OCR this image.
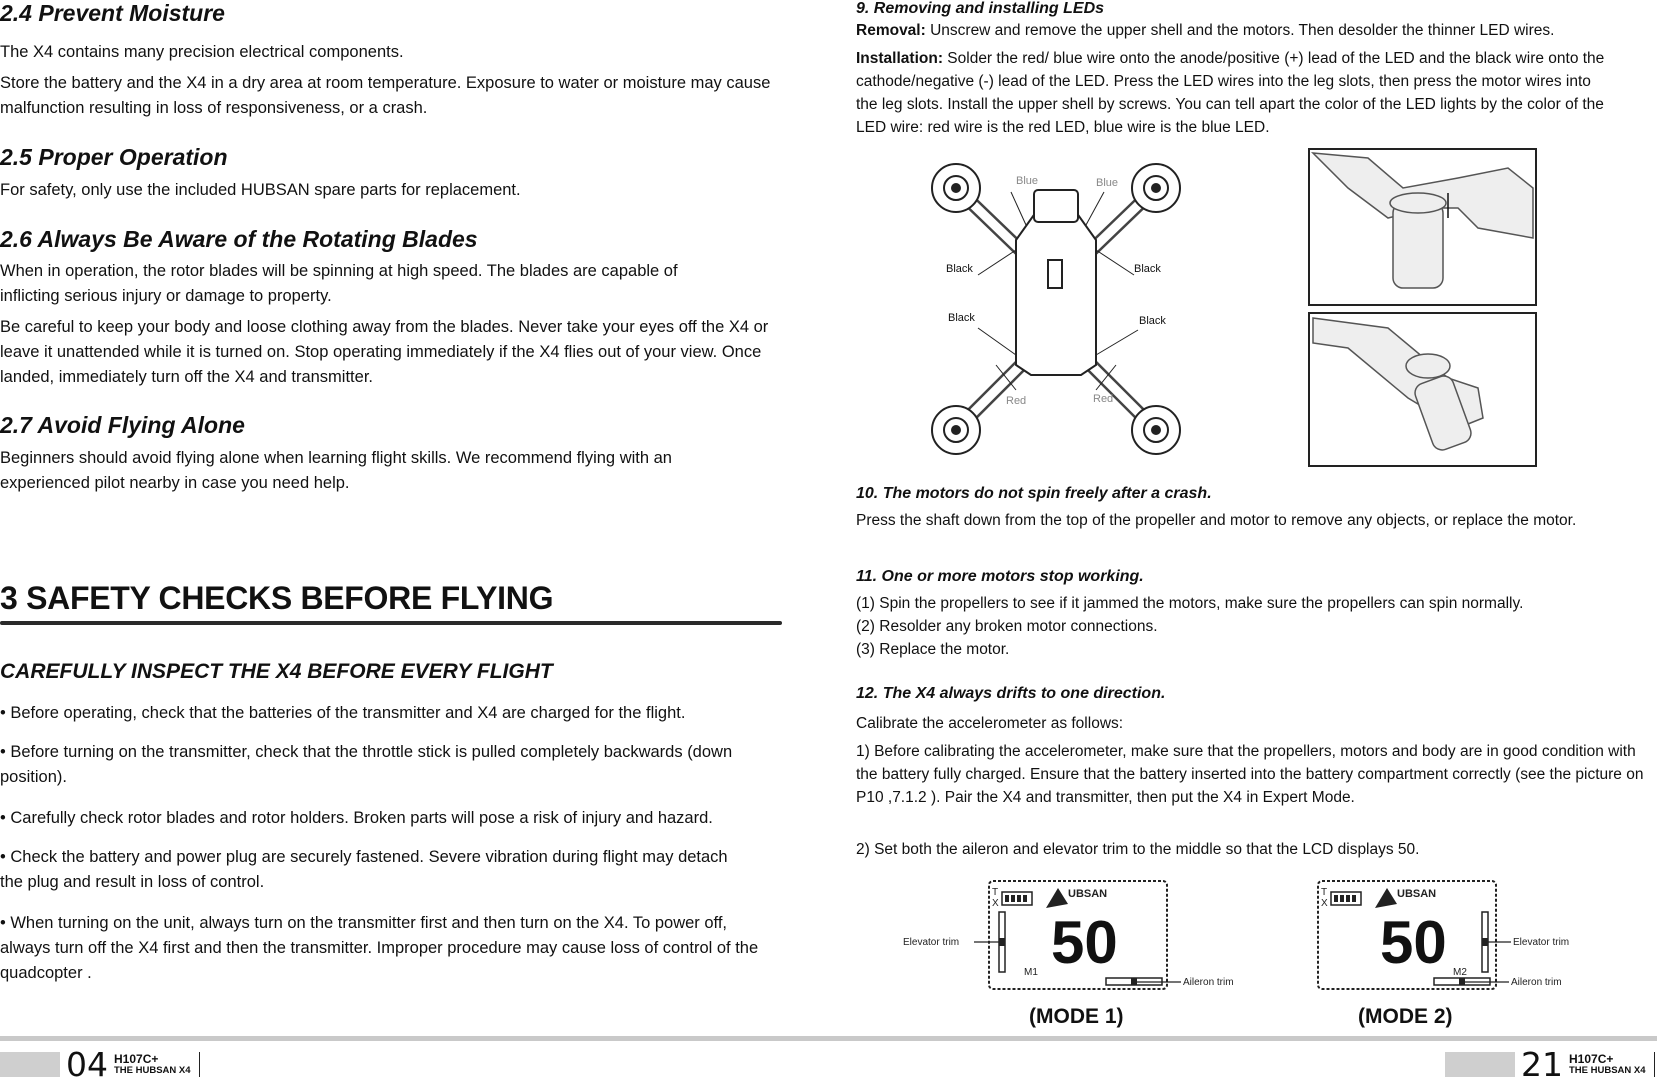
2.4 Prevent Moisture
The X4 contains many precision electrical components.
Store the battery and the X4 in a dry area at room temperature. Exposure to water or moisture may cause malfunction resulting in loss of responsiveness, or a crash.
2.5 Proper Operation
For safety, only use the included HUBSAN spare parts for replacement.
2.6 Always Be Aware of the Rotating Blades
When in operation, the rotor blades will be spinning at high speed. The blades are capable of inflicting serious injury or damage to property.
Be careful to keep your body and loose clothing away from the blades. Never take your eyes off the X4 or leave it unattended while it is turned on. Stop operating immediately if the X4 flies out of your view. Once landed, immediately turn off the X4 and transmitter.
2.7 Avoid Flying Alone
Beginners should avoid flying alone when learning flight skills. We recommend flying with an experienced pilot nearby in case you need help.
3 SAFETY CHECKS BEFORE FLYING
CAREFULLY INSPECT THE X4 BEFORE EVERY FLIGHT
• Before operating, check that the batteries of the transmitter and X4 are charged for the flight.
• Before turning on the transmitter, check that the throttle stick is pulled completely backwards (down position).
• Carefully check rotor blades and rotor holders. Broken parts will pose a risk of injury and hazard.
• Check the battery and power plug are securely fastened. Severe vibration during flight may detach the plug and result in loss of control.
• When turning on the unit, always turn on the transmitter first and then turn on the X4. To power off, always turn off the X4 first and then the transmitter. Improper procedure may cause loss of control of the quadcopter .
9. Removing and installing LEDs
Removal: Unscrew and remove the upper shell and the motors. Then desolder the thinner LED wires.
Installation: Solder the red/ blue wire onto the anode/positive (+) lead of the LED and the black wire onto the cathode/negative (-) lead of the LED. Press the LED wires into the leg slots, then press the motor wires into the leg slots. Install the upper shell by screws. You can tell apart the color of the LED lights by the color of the LED wire: red wire is the red LED, blue wire is the blue LED.
Blue	Blue
Black	Black
Black	Black
Red	Red
10. The motors do not spin freely after a crash.
Press the shaft down from the top of the propeller and motor to remove any objects, or replace the motor.
11. One or more motors stop working.
(1) Spin the propellers to see if it jammed the motors, make sure the propellers can spin normally.
(2) Resolder any broken motor connections.
(3) Replace the motor.
12. The X4 always drifts to one direction.
Calibrate the accelerometer as follows:
1) Before calibrating the accelerometer, make sure that the propellers, motors and body are in good condition with the battery fully charged. Ensure that the battery inserted into the battery compartment correctly (see the picture on P10 ,7.1.2 ). Pair the X4 and transmitter, then put the X4 in Expert Mode.
2) Set both the aileron and elevator trim to the middle so that the LCD displays 50.
T
X
UBSAN
50
M1
Elevator trim
Aileron trim
(MODE 1)
T
X
UBSAN
50 M2
Elevator trim
Aileron trim
(MODE 2)
04 H107C+
THE HUBSAN X4	21 H107C+
THE HUBSAN X4
